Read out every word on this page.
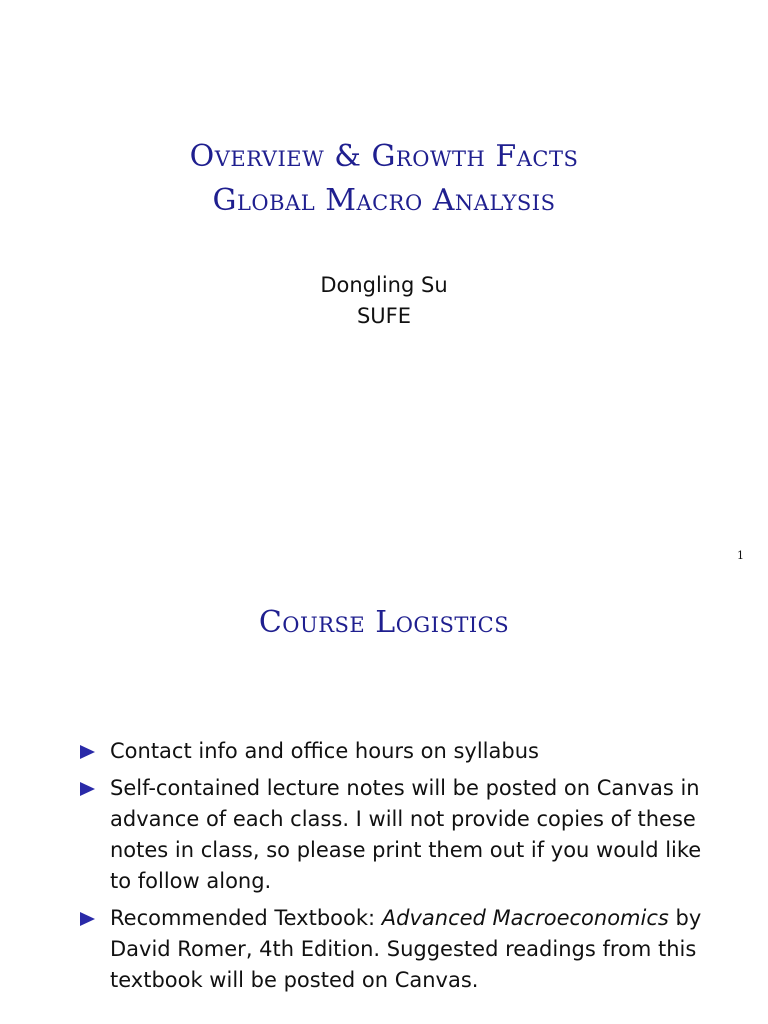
Overview & Growth Facts
Global Macro Analysis
Dongling Su
SUFE
1
Course Logistics
Contact info and office hours on syllabus
Self-contained lecture notes will be posted on Canvas in advance of each class. I will not provide copies of these notes in class, so please print them out if you would like to follow along.
Recommended Textbook: Advanced Macroeconomics by David Romer, 4th Edition. Suggested readings from this textbook will be posted on Canvas.
